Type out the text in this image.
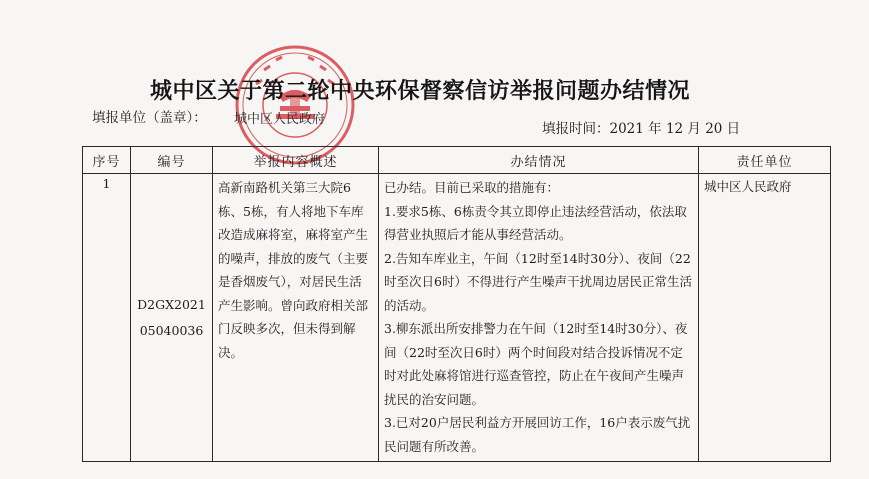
城中区关于第二轮中央环保督察信访举报问题办结情况
填报单位（盖章）： 城中区人民政府
填报时间：2021 年 12 月 20 日
序号	编号	举报内容概述	办结情况	责任单位
1	D2GX202105040036	高新南路机关第三大院6栋、5栋，有人将地下车库改造成麻将室，麻将室产生的噪声，排放的废气（主要是香烟废气），对居民生活产生影响。曾向政府相关部门反映多次，但未得到解决。	已办结。目前已采取的措施有：
1.要求5栋、6栋责令其立即停止违法经营活动，依法取得营业执照后才能从事经营活动。
2.告知车库业主，午间（12时至14时30分）、夜间（22时至次日6时）不得进行产生噪声干扰周边居民正常生活的活动。
3.柳东派出所安排警力在午间（12时至14时30分）、夜间（22时至次日6时）两个时间段对结合投诉情况不定时对此处麻将馆进行巡查管控，防止在午夜间产生噪声扰民的治安问题。
3.已对20户居民利益方开展回访工作，16户表示废气扰民问题有所改善。	城中区人民政府
